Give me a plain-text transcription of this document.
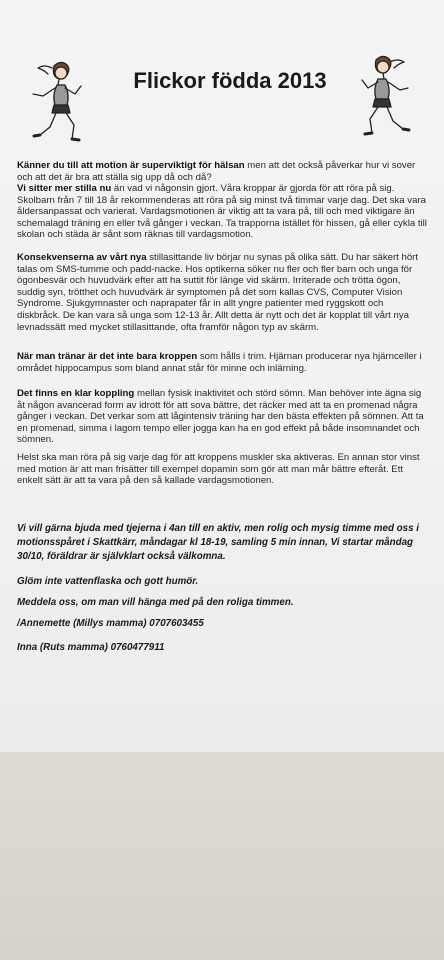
Flickor födda 2013
Känner du till att motion är superviktigt för hälsan men att det också påverkar hur vi sover och att det är bra att ställa sig upp då och då?
Vi sitter mer stilla nu än vad vi någonsin gjort. Våra kroppar är gjorda för att röra på sig. Skolbarn från 7 till 18 år rekommenderas att röra på sig minst två timmar varje dag. Det ska vara åldersanpassat och varierat. Vardagsmotionen är viktig att ta vara på, till och med viktigare än schemalagd träning en eller två gånger i veckan. Ta trapporna istället för hissen, gå eller cykla till skolan och städa är sånt som räknas till vardagsmotion.
Konsekvenserna av vårt nya stillasittande liv börjar nu synas på olika sätt. Du har säkert hört talas om SMS-tumme och padd-nacke. Hos optikerna söker nu fler och fler barn och unga för ögonbesvär och huvudvärk efter att ha suttit för länge vid skärm. Irriterade och trötta ögon, suddig syn, trötthet och huvudvärk är symptomen på det som kallas CVS, Computer Vision Syndrome. Sjukgymnaster och naprapater får in allt yngre patienter med ryggskott och diskbråck. De kan vara så unga som 12-13 år. Allt detta är nytt och det är kopplat till vårt nya levnadssätt med mycket stillasittande, ofta framför någon typ av skärm.
När man tränar är det inte bara kroppen som hålls i trim. Hjärnan producerar nya hjärnceller i området hippocampus som bland annat står för minne och inlärning.
Det finns en klar koppling mellan fysisk inaktivitet och störd sömn. Man behöver inte ägna sig åt någon avancerad form av idrott för att sova bättre, det räcker med att ta en promenad några gånger i veckan. Det verkar som att lågintensiv träning har den bästa effekten på sömnen. Att ta en promenad, simma i lagom tempo eller jogga kan ha en god effekt på både insomnandet och sömnen.
Helst ska man röra på sig varje dag för att kroppens muskler ska aktiveras. En annan stor vinst med motion är att man frisätter till exempel dopamin som gör att man mår bättre efteråt. Ett enkelt sätt är att ta vara på den så kallade vardagsmotionen.
Vi vill gärna bjuda med tjejerna i 4an till en aktiv, men rolig och mysig timme med oss i motionsspåret i Skattkärr, måndagar kl 18-19, samling 5 min innan, Vi startar måndag 30/10, föräldrar är självklart också välkomna.
Glöm inte vattenflaska och gott humör.
Meddela oss, om man vill hänga med på den roliga timmen.
/Annemette (Millys mamma) 0707603455
Inna (Ruts mamma) 0760477911
